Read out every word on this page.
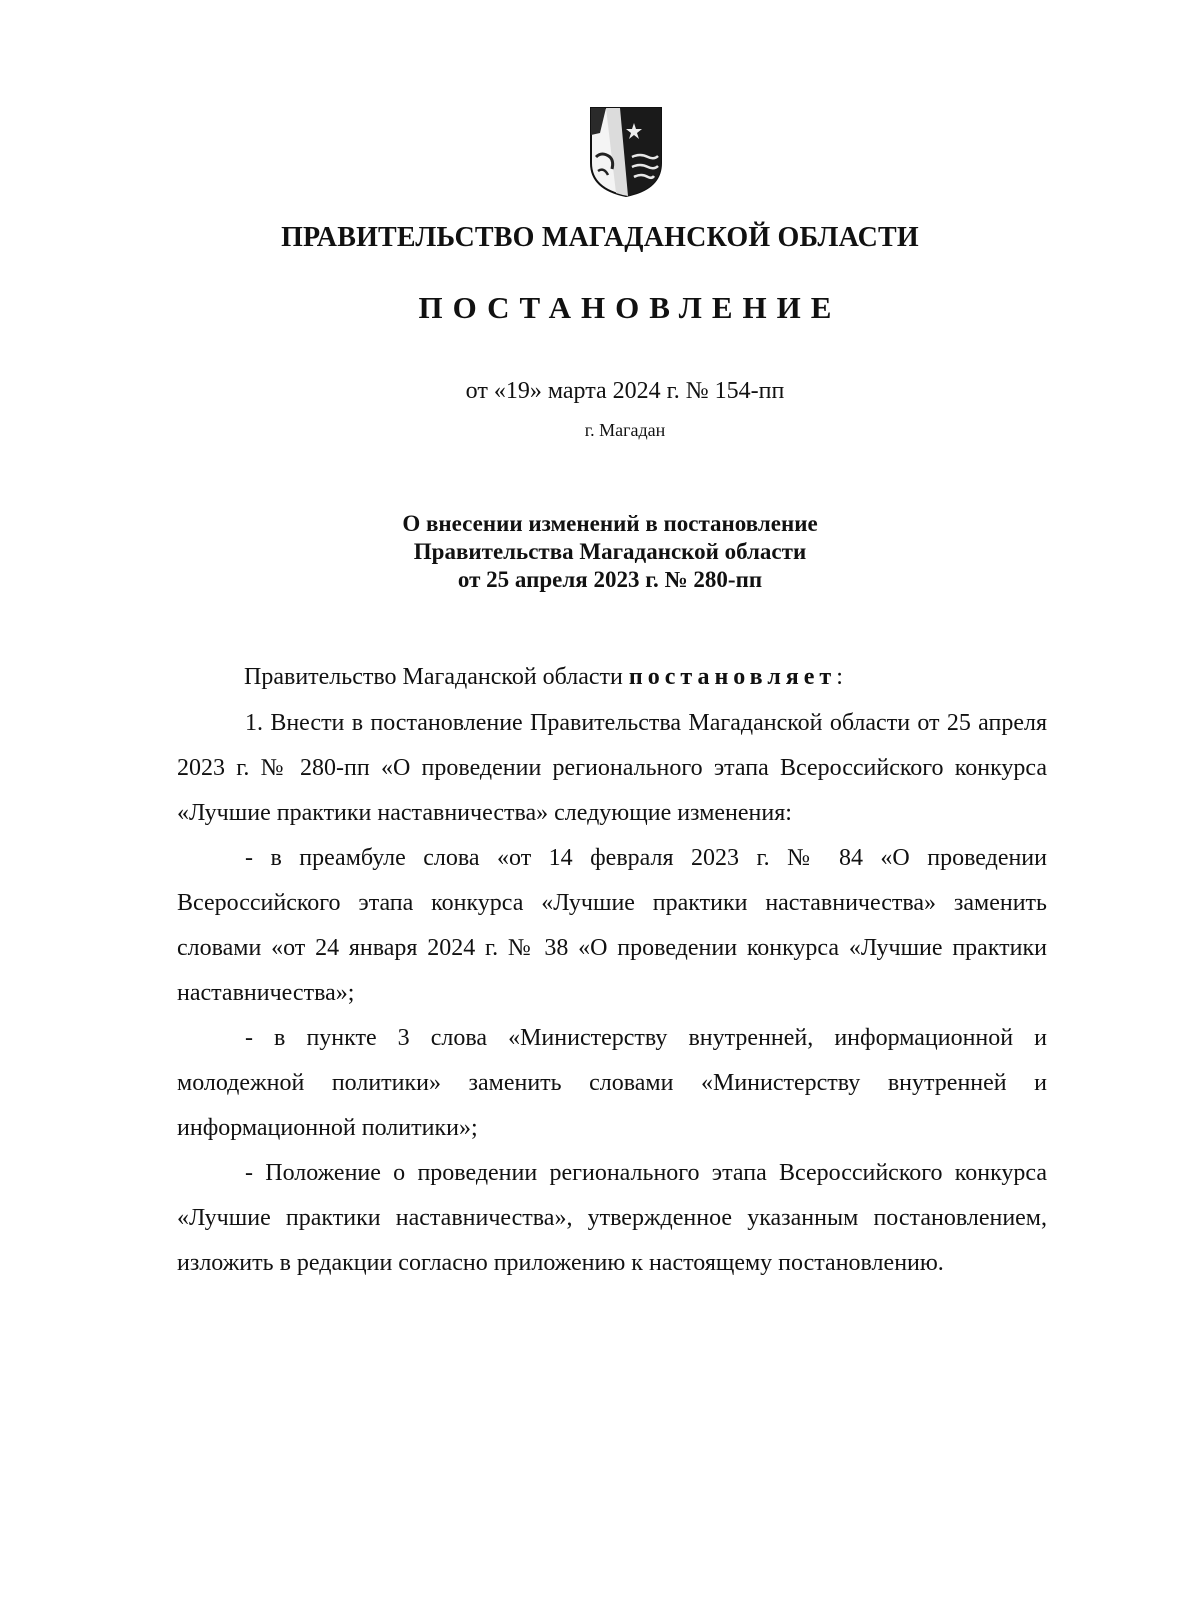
ПРАВИТЕЛЬСТВО МАГАДАНСКОЙ ОБЛАСТИ
ПОСТАНОВЛЕНИЕ
от «19» марта 2024 г. № 154-пп
г. Магадан
О внесении изменений в постановление
Правительства Магаданской области
от 25 апреля 2023 г. № 280-пп

Правительство Магаданской области постановляет:

1. Внести в постановление Правительства Магаданской области от 25 апреля 2023 г. № 280-пп «О проведении регионального этапа Всероссийского конкурса «Лучшие практики наставничества» следующие изменения:

- в преамбуле слова «от 14 февраля 2023 г. № 84 «О проведении Всероссийского этапа конкурса «Лучшие практики наставничества» заменить словами «от 24 января 2024 г. № 38 «О проведении конкурса «Лучшие практики наставничества»;

- в пункте 3 слова «Министерству внутренней, информационной и молодежной политики» заменить словами «Министерству внутренней и информационной политики»;

- Положение о проведении регионального этапа Всероссийского конкурса «Лучшие практики наставничества», утвержденное указанным постановлением, изложить в редакции согласно приложению к настоящему постановлению.
